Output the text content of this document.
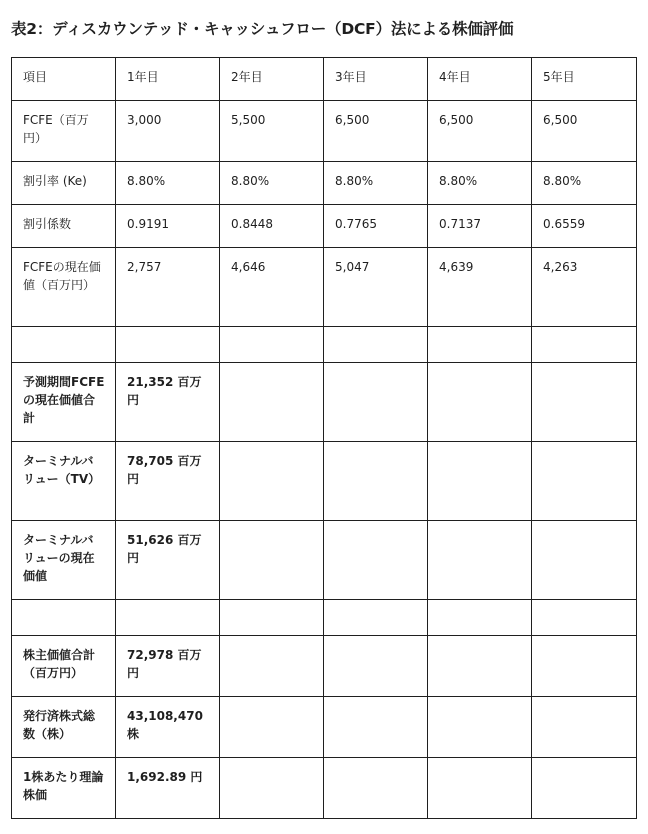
表2：ディスカウンテッド・キャッシュフロー（DCF）法による株価評価
項目	1年目	2年目	3年目	4年目	5年目
FCFE（百万円）	3,000	5,500	6,500	6,500	6,500
割引率 (Ke)	8.80%	8.80%	8.80%	8.80%	8.80%
割引係数	0.9191	0.8448	0.7765	0.7137	0.6559
FCFEの現在価値（百万円）	2,757	4,646	5,047	4,639	4,263

予測期間FCFEの現在価値合計	21,352 百万円				
ターミナルバリュー（TV）	78,705 百万円				
ターミナルバリューの現在価値	51,626 百万円				

株主価値合計（百万円）	72,978 百万円				
発行済株式総数（株）	43,108,470 株				
1株あたり理論株価	1,692.89 円				
